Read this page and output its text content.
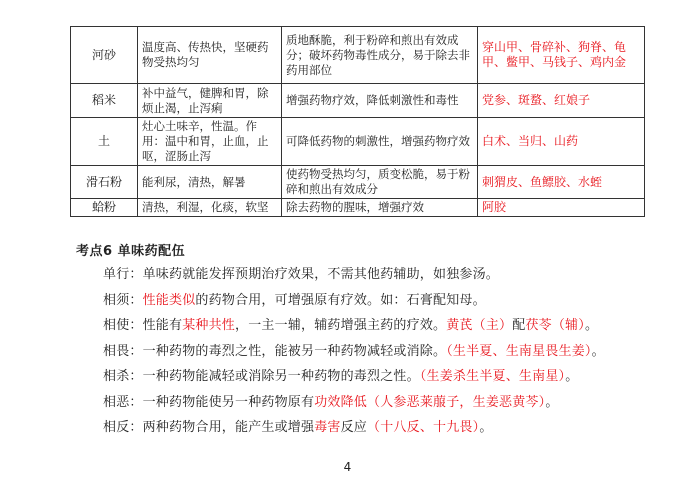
河砂	温度高、传热快，坚硬药物受热均匀	质地酥脆，利于粉碎和煎出有效成分；破坏药物毒性成分，易于除去非药用部位	穿山甲、骨碎补、狗脊、龟甲、鳖甲、马钱子、鸡内金
稻米	补中益气，健脾和胃，除烦止渴，止泻痢	增强药物疗效，降低刺激性和毒性	党参、斑蝥、红娘子
土	灶心土味辛，性温。作用：温中和胃，止血，止呕，涩肠止泻	可降低药物的刺激性，增强药物疗效	白术、当归、山药
滑石粉	能利尿，清热，解暑	使药物受热均匀，质变松脆，易于粉碎和煎出有效成分	刺猬皮、鱼鳔胶、水蛭
蛤粉	清热，利湿，化痰，软坚	除去药物的腥味，增强疗效	阿胶
考点6 单味药配伍
单行：单味药就能发挥预期治疗效果，不需其他药辅助，如独参汤。
相须：性能类似的药物合用，可增强原有疗效。如：石膏配知母。
相使：性能有某种共性，一主一辅，辅药增强主药的疗效。黄芪（主）配茯苓（辅）。
相畏：一种药物的毒烈之性，能被另一种药物减轻或消除。（生半夏、生南星畏生姜）。
相杀：一种药物能减轻或消除另一种药物的毒烈之性。（生姜杀生半夏、生南星）。
相恶：一种药物能使另一种药物原有功效降低（人参恶莱菔子，生姜恶黄芩）。
相反：两种药物合用，能产生或增强毒害反应（十八反、十九畏）。
4
